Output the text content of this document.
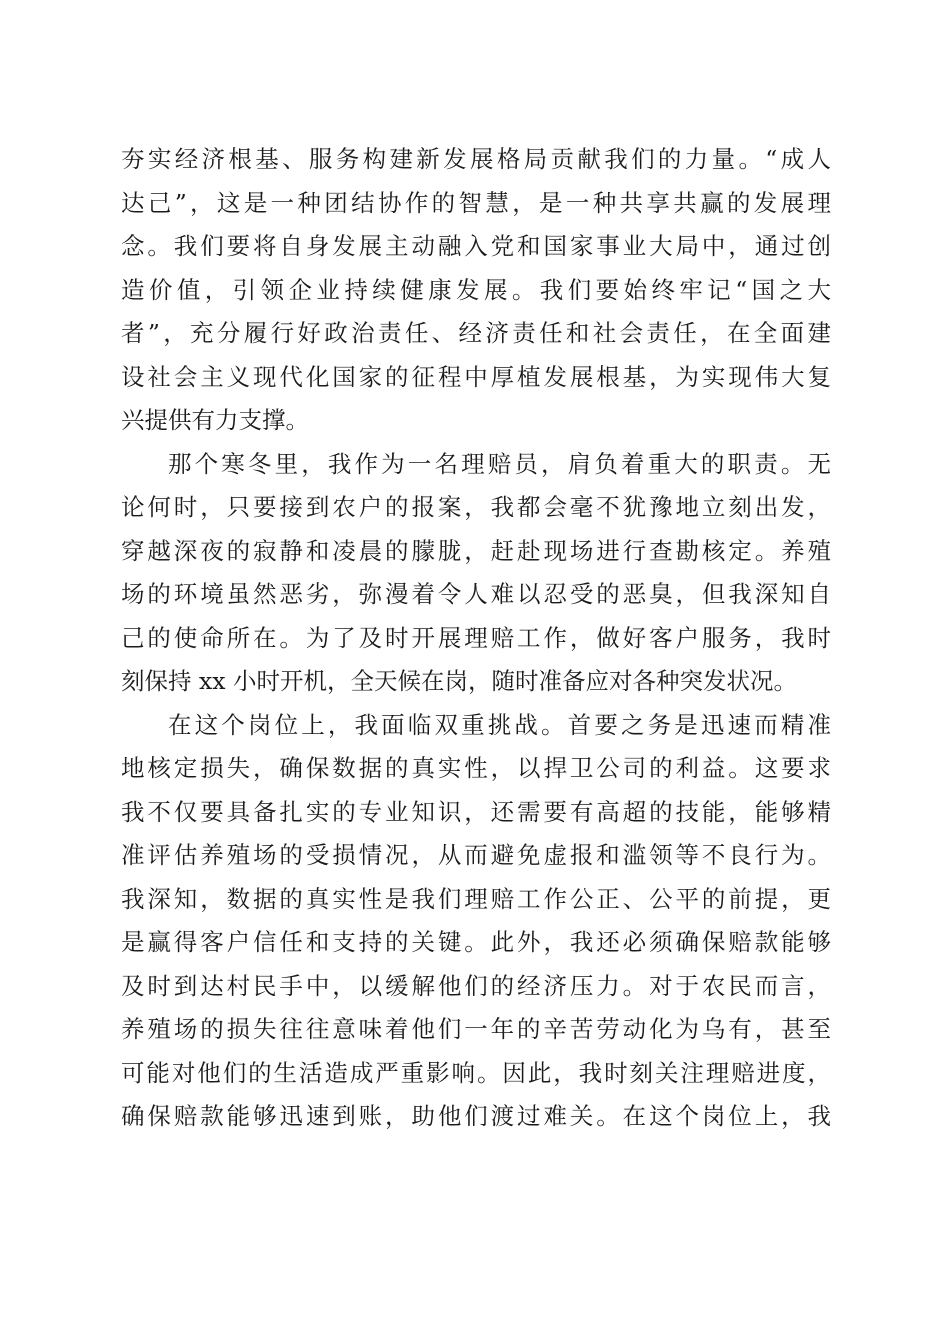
夯实经济根基、服务构建新发展格局贡献我们的力量。“成人
达己”，这是一种团结协作的智慧，是一种共享共赢的发展理
念。我们要将自身发展主动融入党和国家事业大局中，通过创
造价值，引领企业持续健康发展。我们要始终牢记“国之大
者”，充分履行好政治责任、经济责任和社会责任，在全面建
设社会主义现代化国家的征程中厚植发展根基，为实现伟大复
兴提供有力支撑。
那个寒冬里，我作为一名理赔员，肩负着重大的职责。无
论何时，只要接到农户的报案，我都会毫不犹豫地立刻出发，
穿越深夜的寂静和凌晨的朦胧，赶赴现场进行查勘核定。养殖
场的环境虽然恶劣，弥漫着令人难以忍受的恶臭，但我深知自
己的使命所在。为了及时开展理赔工作，做好客户服务，我时
刻保持 xx 小时开机，全天候在岗，随时准备应对各种突发状况。
在这个岗位上，我面临双重挑战。首要之务是迅速而精准
地核定损失，确保数据的真实性，以捍卫公司的利益。这要求
我不仅要具备扎实的专业知识，还需要有高超的技能，能够精
准评估养殖场的受损情况，从而避免虚报和滥领等不良行为。
我深知，数据的真实性是我们理赔工作公正、公平的前提，更
是赢得客户信任和支持的关键。此外，我还必须确保赔款能够
及时到达村民手中，以缓解他们的经济压力。对于农民而言，
养殖场的损失往往意味着他们一年的辛苦劳动化为乌有，甚至
可能对他们的生活造成严重影响。因此，我时刻关注理赔进度，
确保赔款能够迅速到账，助他们渡过难关。在这个岗位上，我
